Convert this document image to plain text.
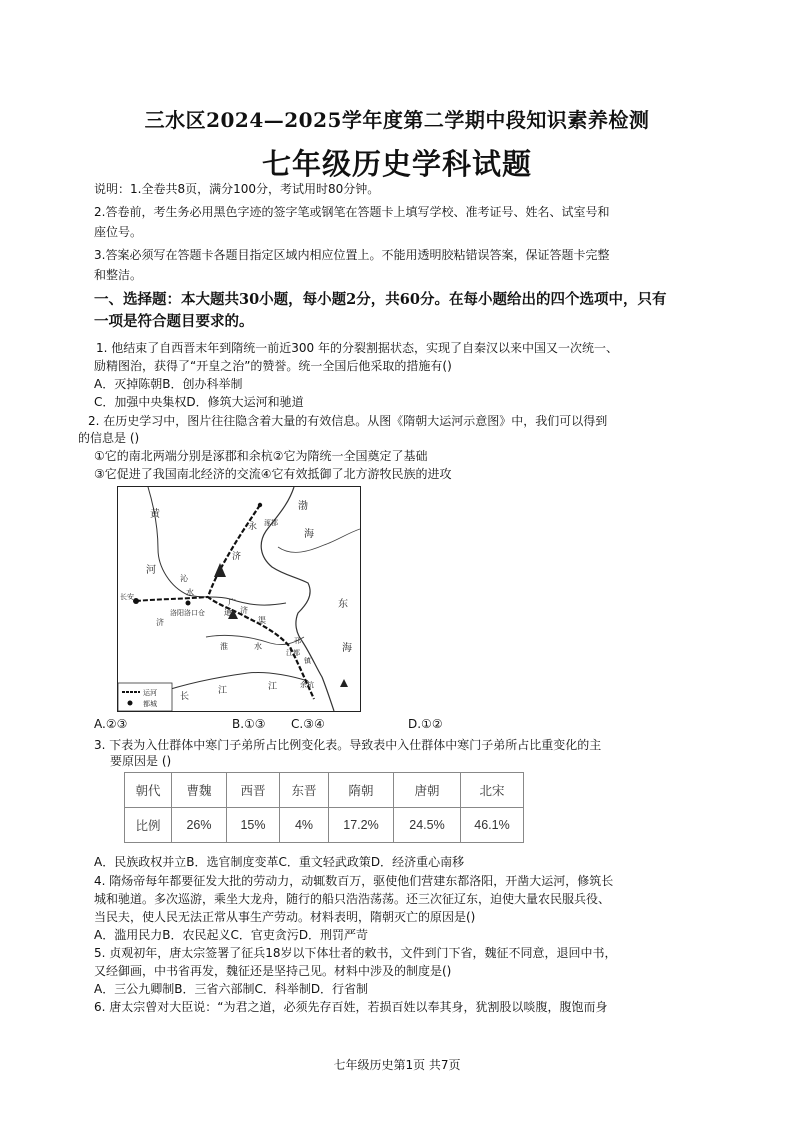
三水区2024—2025学年度第二学期中段知识素养检测
七年级历史学科试题
说明：1.全卷共8页，满分100分，考试用时80分钟。
2.答卷前，考生务必用黑色字迹的签字笔或钢笔在答题卡上填写学校、准考证号、姓名、试室号和
座位号。
3.答案必须写在答题卡各题目指定区域内相应位置上。不能用透明胶粘错误答案，保证答题卡完整
和整洁。
一、选择题：本大题共30小题，每小题2分，共60分。在每小题给出的四个选项中，只有
一项是符合题目要求的。
1. 他结束了自西晋末年到隋统一前近300 年的分裂割据状态，实现了自秦汉以来中国又一次统一、
励精图治，获得了“开皇之治”的赞誉。统一全国后他采取的措施有()
A．灭掉陈朝B．创办科举制
C．加强中央集权D．修筑大运河和驰道
2. 在历史学习中，图片往往隐含着大量的有效信息。从图《隋朝大运河示意图》中，我们可以得到
的信息是 ()
①它的南北两端分别是涿郡和余杭②它为隋统一全国奠定了基础
③它促进了我国南北经济的交流④它有效抵御了北方游牧民族的进攻
涿郡
渤
海
黄
河
永
济
沁
水
通
长安
洛阳洛口仓
济
济
渠
广	东
海
淮	水
邗
江都
镇
江	余杭
长
江
运河
都城
A.②③	B.①③ C.③④	D.①②
3. 下表为入仕群体中寒门子弟所占比例变化表。导致表中入仕群体中寒门子弟所占比重变化的主
要原因是 ()
朝代	曹魏	西晋	东晋	隋朝	唐朝	北宋
比例	26%	15%	4%	17.2%	24.5%	46.1%
A．民族政权并立B．选官制度变革C．重文轻武政策D．经济重心南移
4. 隋炀帝每年都要征发大批的劳动力，动辄数百万，驱使他们营建东都洛阳，开凿大运河，修筑长
城和驰道。多次巡游，乘坐大龙舟，随行的船只浩浩荡荡。还三次征辽东，迫使大量农民服兵役、
当民夫，使人民无法正常从事生产劳动。材料表明，隋朝灭亡的原因是()
A．滥用民力B．农民起义C．官吏贪污D．刑罚严苛
5. 贞观初年，唐太宗签署了征兵18岁以下体壮者的敕书，文件到门下省，魏征不同意，退回中书，
又经御画，中书省再发，魏征还是坚持己见。材料中涉及的制度是()
A．三公九卿制B．三省六部制C．科举制D．行省制
6. 唐太宗曾对大臣说：“为君之道，必须先存百姓，若损百姓以奉其身，犹割股以啖腹，腹饱而身
七年级历史第1页 共7页
